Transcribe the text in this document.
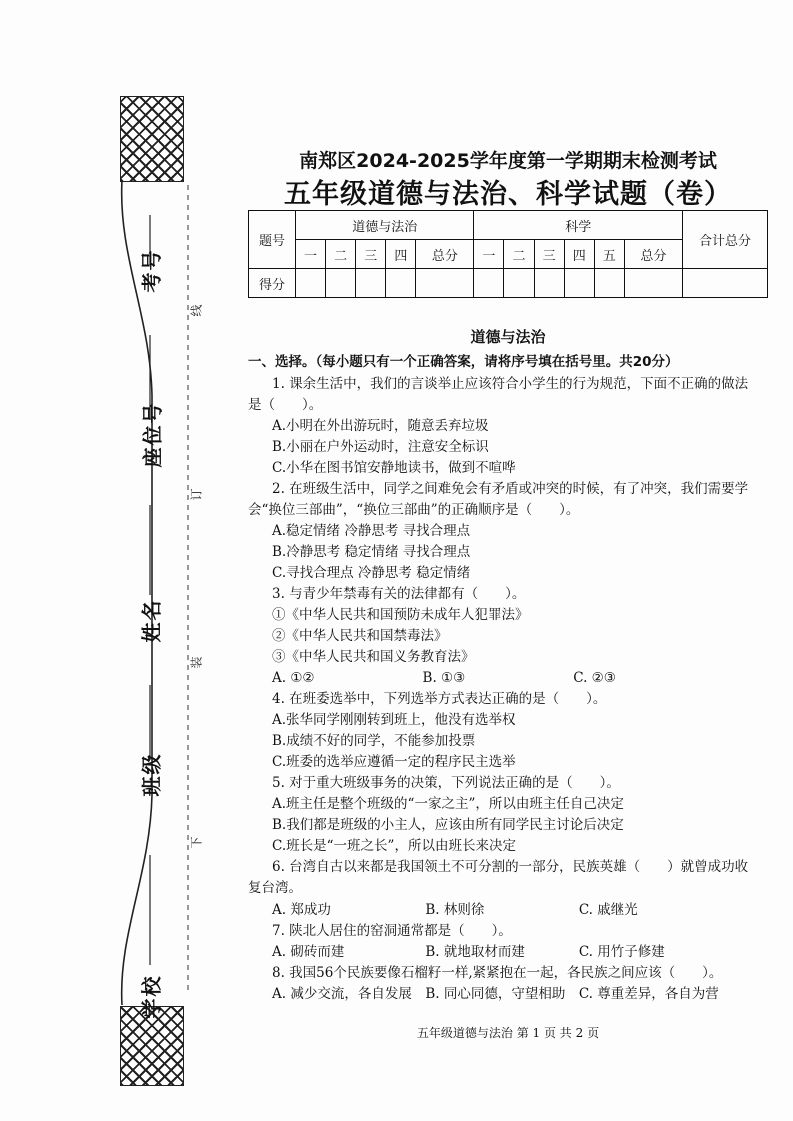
考号
座位号
姓名
班级
学校
线
订
装
下
南郑区2024-2025学年度第一学期期末检测考试
五年级道德与法治、科学试题（卷）
题号	道德与法治					科学						合计总分
	一	二	三	四	总分	一	二	三	四	五	总分	
得分												
道德与法治
一、选择。（每小题只有一个正确答案，请将序号填在括号里。共20分）
1. 课余生活中，我们的言谈举止应该符合小学生的行为规范，下面不正确的做法
是（　　）。
A.小明在外出游玩时，随意丢弃垃圾
B.小丽在户外运动时，注意安全标识
C.小华在图书馆安静地读书，做到不喧哗
2. 在班级生活中，同学之间难免会有矛盾或冲突的时候，有了冲突，我们需要学
会“换位三部曲”，“换位三部曲”的正确顺序是（　　）。
A.稳定情绪 冷静思考 寻找合理点
B.冷静思考 稳定情绪 寻找合理点
C.寻找合理点 冷静思考 稳定情绪
3. 与青少年禁毒有关的法律都有（　　）。
①《中华人民共和国预防未成年人犯罪法》
②《中华人民共和国禁毒法》
③《中华人民共和国义务教育法》
A. ①②　　　　　　　　B. ①③　　　　　　　　C. ②③
4. 在班委选举中，下列选举方式表达正确的是（　　）。
A.张华同学刚刚转到班上，他没有选举权
B.成绩不好的同学，不能参加投票
C.班委的选举应遵循一定的程序民主选举
5. 对于重大班级事务的决策，下列说法正确的是（　　）。
A.班主任是整个班级的“一家之主”，所以由班主任自己决定
B.我们都是班级的小主人，应该由所有同学民主讨论后决定
C.班长是“一班之长”，所以由班长来决定
6. 台湾自古以来都是我国领土不可分割的一部分，民族英雄（　　）就曾成功收
复台湾。
A. 郑成功　　　　　　　B. 林则徐　　　　　　　C. 戚继光
7. 陕北人居住的窑洞通常都是（　　）。
A. 砌砖而建　　　　　　B. 就地取材而建　　　　C. 用竹子修建
8. 我国56个民族要像石榴籽一样,紧紧抱在一起，各民族之间应该（　　）。
A. 减少交流，各自发展　B. 同心同德，守望相助　C. 尊重差异，各自为营
五年级道德与法治 第 1 页 共 2 页
